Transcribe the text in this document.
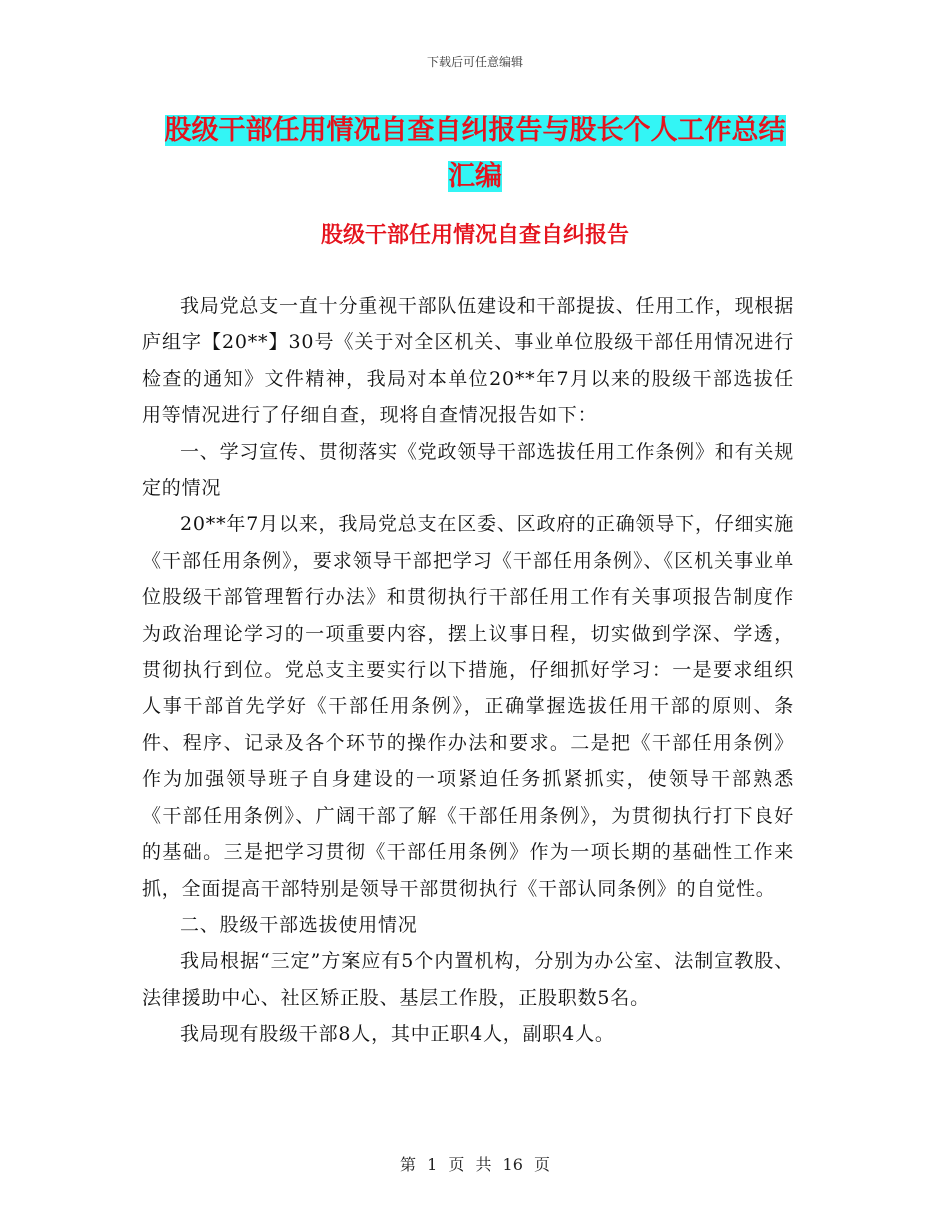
下载后可任意编辑
股级干部任用情况自查自纠报告与股长个人工作总结
汇编
股级干部任用情况自查自纠报告

我局党总支一直十分重视干部队伍建设和干部提拔、任用工作，现根据庐组字【20**】30号《关于对全区机关、事业单位股级干部任用情况进行检查的通知》文件精神，我局对本单位20**年7月以来的股级干部选拔任用等情况进行了仔细自查，现将自查情况报告如下：

一、学习宣传、贯彻落实《党政领导干部选拔任用工作条例》和有关规定的情况

20**年7月以来，我局党总支在区委、区政府的正确领导下，仔细实施《干部任用条例》，要求领导干部把学习《干部任用条例》、《区机关事业单位股级干部管理暂行办法》和贯彻执行干部任用工作有关事项报告制度作为政治理论学习的一项重要内容，摆上议事日程，切实做到学深、学透，贯彻执行到位。党总支主要实行以下措施，仔细抓好学习：一是要求组织人事干部首先学好《干部任用条例》，正确掌握选拔任用干部的原则、条件、程序、记录及各个环节的操作办法和要求。二是把《干部任用条例》作为加强领导班子自身建设的一项紧迫任务抓紧抓实，使领导干部熟悉《干部任用条例》、广阔干部了解《干部任用条例》，为贯彻执行打下良好的基础。三是把学习贯彻《干部任用条例》作为一项长期的基础性工作来抓，全面提高干部特别是领导干部贯彻执行《干部认同条例》的自觉性。

二、股级干部选拔使用情况

我局根据“三定”方案应有5个内置机构，分别为办公室、法制宣教股、法律援助中心、社区矫正股、基层工作股，正股职数5名。

我局现有股级干部8人，其中正职4人，副职4人。

第 1 页 共 16 页
